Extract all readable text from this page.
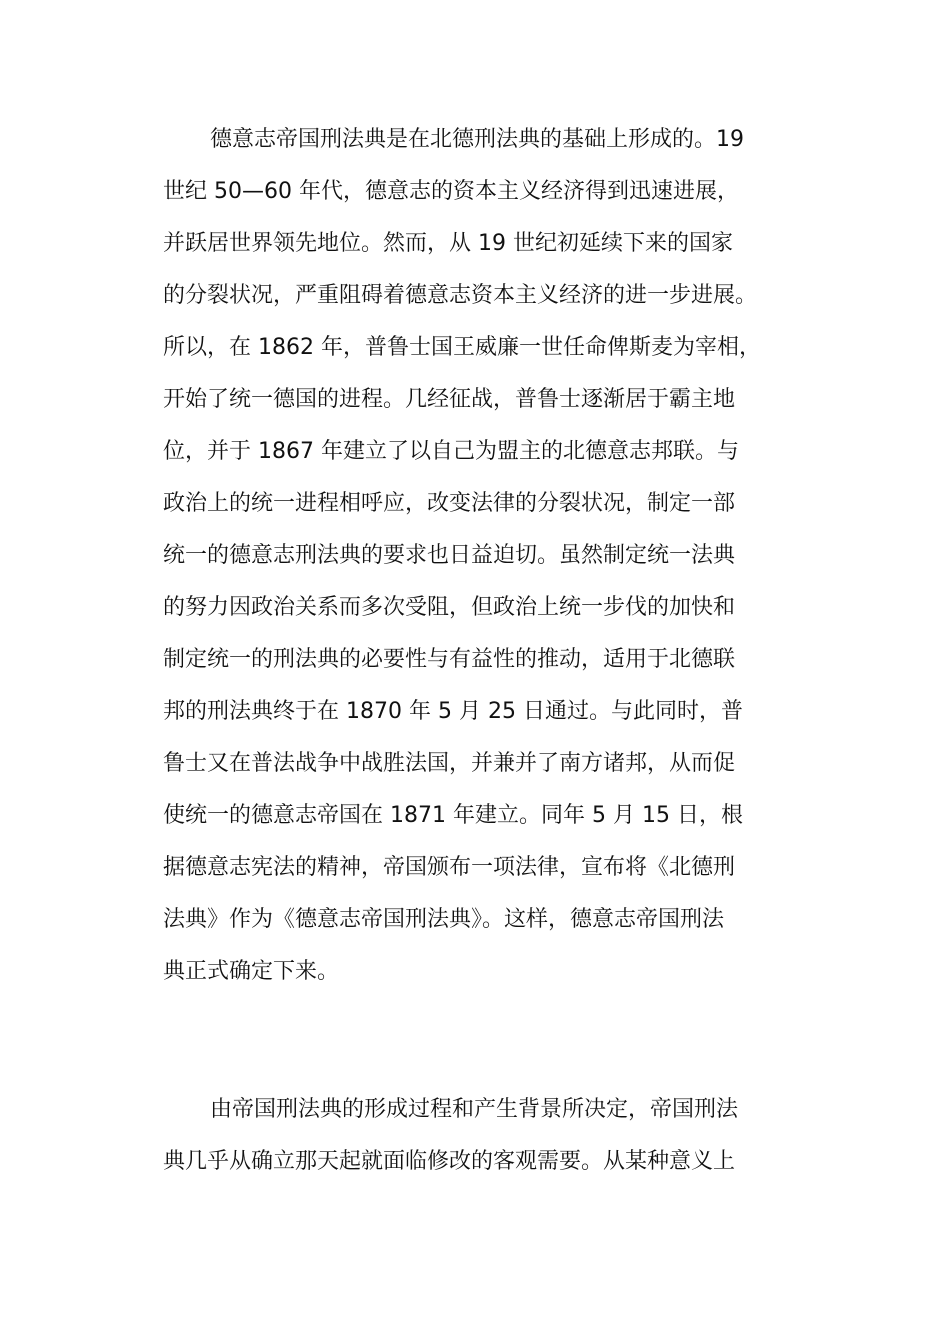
德意志帝国刑法典是在北德刑法典的基础上形成的。19
世纪 50—60 年代，德意志的资本主义经济得到迅速进展，
并跃居世界领先地位。然而，从 19 世纪初延续下来的国家
的分裂状况，严重阻碍着德意志资本主义经济的进一步进展。
所以，在 1862 年，普鲁士国王威廉一世任命俾斯麦为宰相，
开始了统一德国的进程。几经征战，普鲁士逐渐居于霸主地
位，并于 1867 年建立了以自己为盟主的北德意志邦联。与
政治上的统一进程相呼应，改变法律的分裂状况，制定一部
统一的德意志刑法典的要求也日益迫切。虽然制定统一法典
的努力因政治关系而多次受阻，但政治上统一步伐的加快和
制定统一的刑法典的必要性与有益性的推动，适用于北德联
邦的刑法典终于在 1870 年 5 月 25 日通过。与此同时，普
鲁士又在普法战争中战胜法国，并兼并了南方诸邦，从而促
使统一的德意志帝国在 1871 年建立。同年 5 月 15 日，根
据德意志宪法的精神，帝国颁布一项法律，宣布将《北德刑
法典》作为《德意志帝国刑法典》。这样，德意志帝国刑法
典正式确定下来。
由帝国刑法典的形成过程和产生背景所决定，帝国刑法
典几乎从确立那天起就面临修改的客观需要。从某种意义上
